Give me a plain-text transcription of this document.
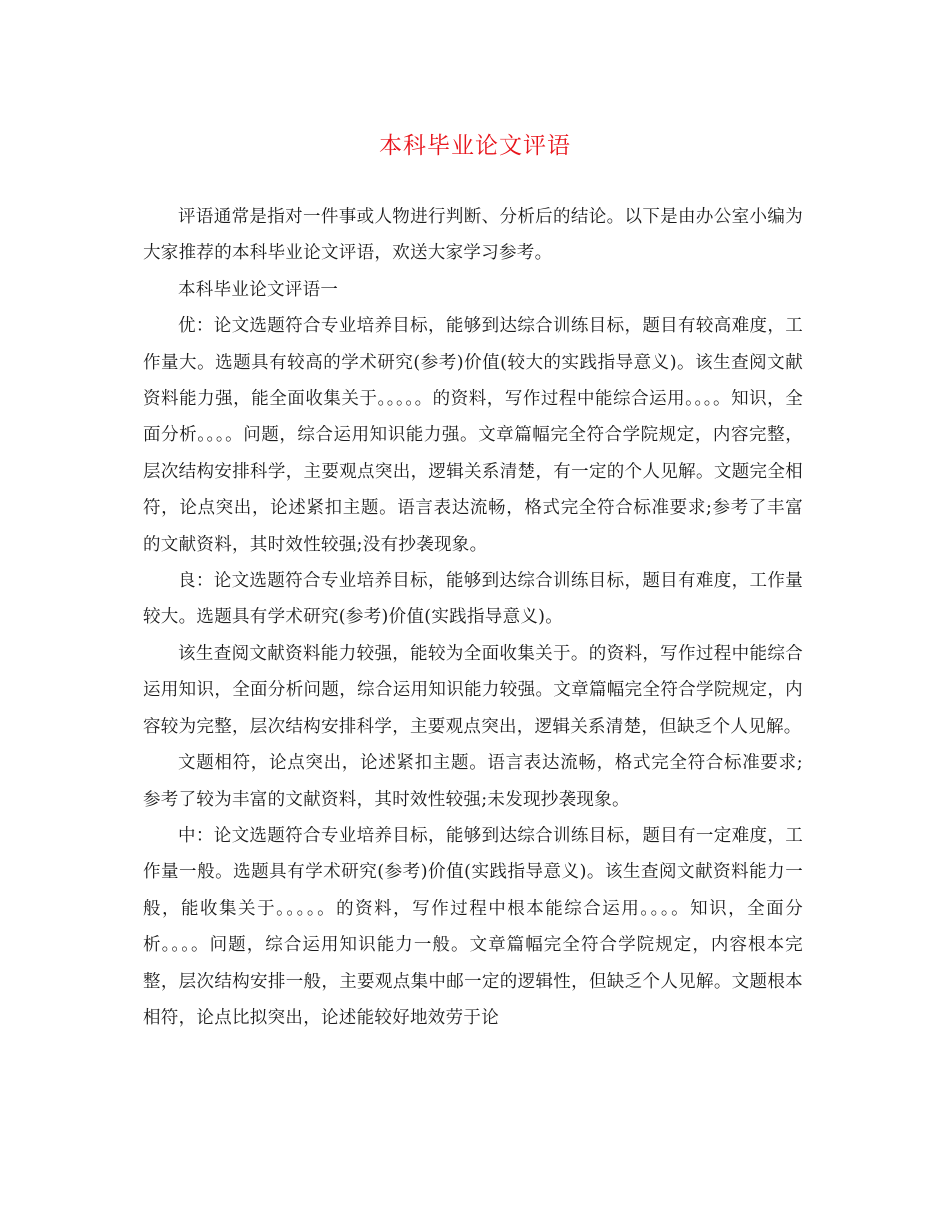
本科毕业论文评语

评语通常是指对一件事或人物进行判断、分析后的结论。以下是由办公室小编为大家推荐的本科毕业论文评语，欢送大家学习参考。

本科毕业论文评语一

优：论文选题符合专业培养目标，能够到达综合训练目标，题目有较高难度，工作量大。选题具有较高的学术研究(参考)价值(较大的实践指导意义)。该生查阅文献资料能力强，能全面收集关于。。。。。的资料，写作过程中能综合运用。。。。知识，全面分析。。。。问题，综合运用知识能力强。文章篇幅完全符合学院规定，内容完整，层次结构安排科学，主要观点突出，逻辑关系清楚，有一定的个人见解。文题完全相符，论点突出，论述紧扣主题。语言表达流畅，格式完全符合标准要求;参考了丰富的文献资料，其时效性较强;没有抄袭现象。

良：论文选题符合专业培养目标，能够到达综合训练目标，题目有难度，工作量较大。选题具有学术研究(参考)价值(实践指导意义)。

该生查阅文献资料能力较强，能较为全面收集关于。的资料，写作过程中能综合运用知识，全面分析问题，综合运用知识能力较强。文章篇幅完全符合学院规定，内容较为完整，层次结构安排科学，主要观点突出，逻辑关系清楚，但缺乏个人见解。

文题相符，论点突出，论述紧扣主题。语言表达流畅，格式完全符合标准要求;参考了较为丰富的文献资料，其时效性较强;未发现抄袭现象。

中：论文选题符合专业培养目标，能够到达综合训练目标，题目有一定难度，工作量一般。选题具有学术研究(参考)价值(实践指导意义)。该生查阅文献资料能力一般，能收集关于。。。。。的资料，写作过程中根本能综合运用。。。。知识，全面分析。。。。问题，综合运用知识能力一般。文章篇幅完全符合学院规定，内容根本完整，层次结构安排一般，主要观点集中邮一定的逻辑性，但缺乏个人见解。文题根本相符，论点比拟突出，论述能较好地效劳于论
